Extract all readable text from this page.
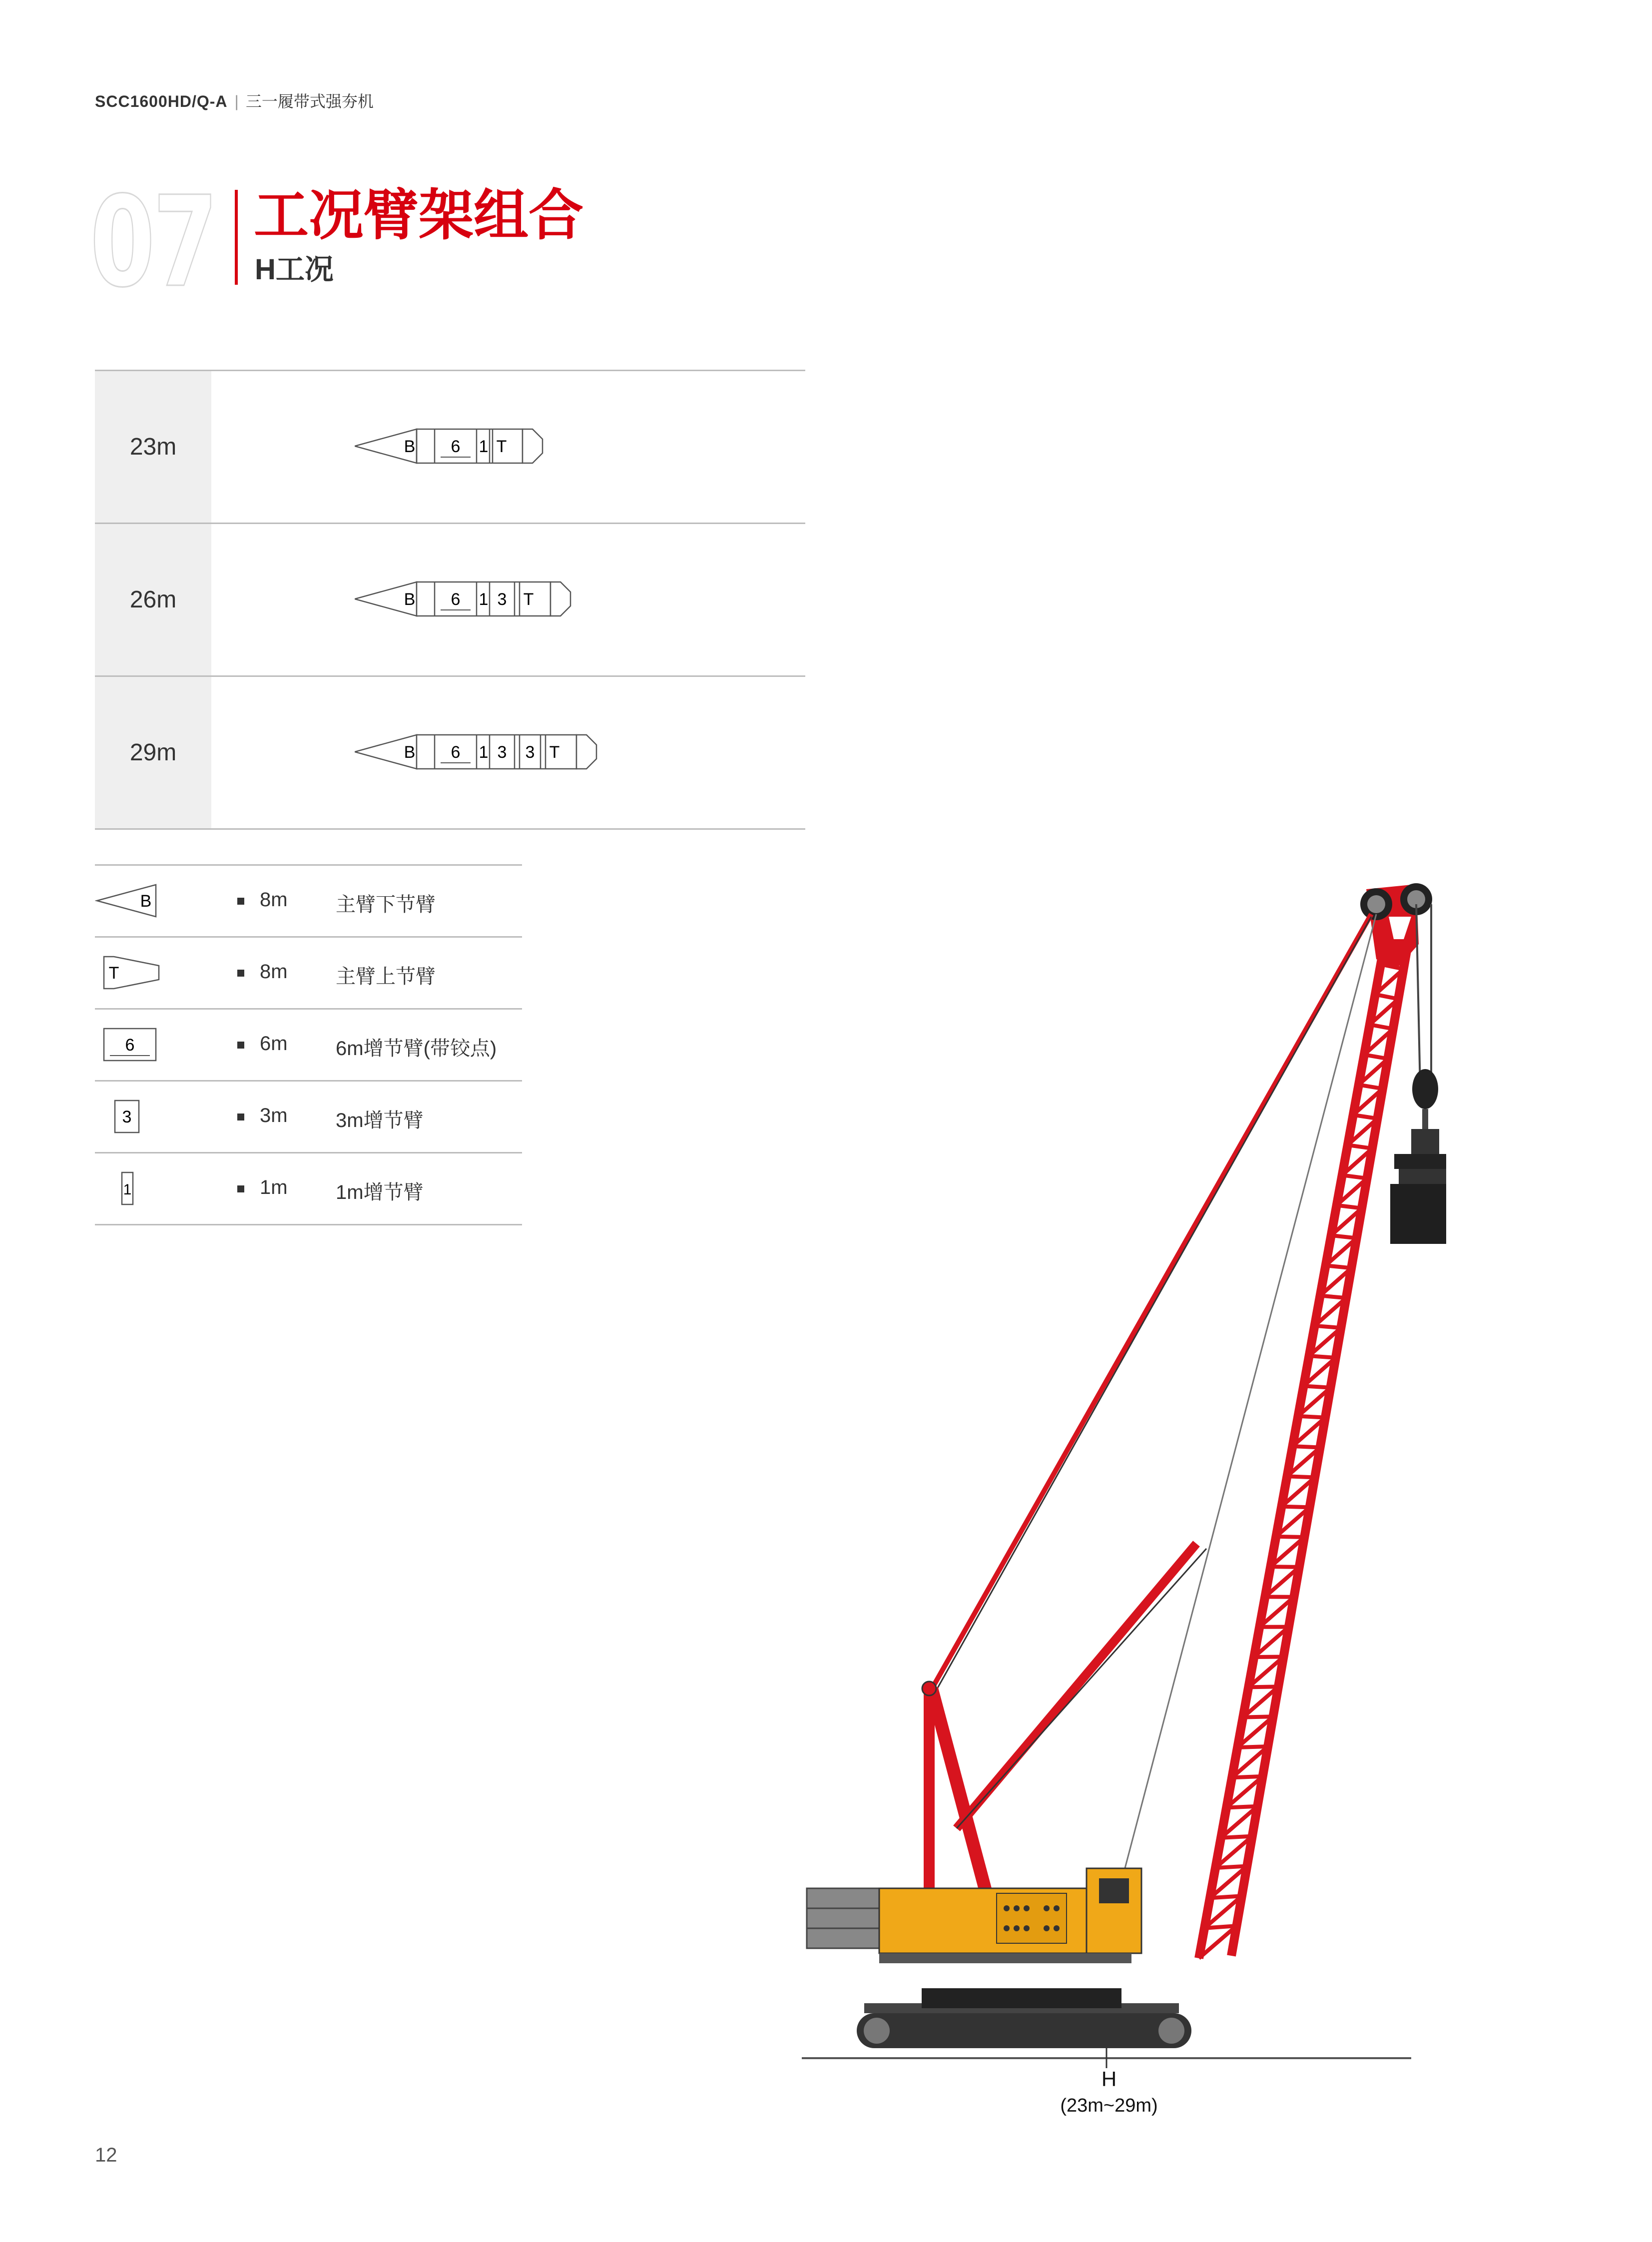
SCC1600HD/Q-A | 三一履带式强夯机
07 工况臂架组合
H工况
23m	B 6 1 T
26m	B 6 1 3 T
29m	B 6 1 3 3 T
B	8m 主臂下节臂
T	8m 主臂上节臂
6	6m 6m增节臂(带铰点)
3	3m 3m增节臂
1	1m 1m增节臂
H
(23m~29m)
12
